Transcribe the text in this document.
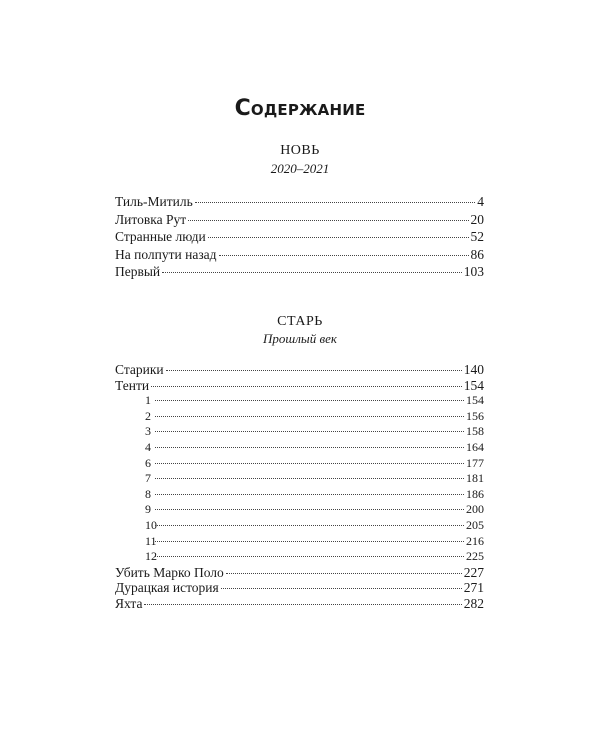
Содержание
НОВЬ
2020–2021
Тиль-Митиль	4
Литовка Рут	20
Странные люди	52
На полпути назад	86
Первый	103
СТАРЬ
Прошлый век
Старики	140
Тенти	154
1	154
2	156
3	158
4	164
6	177
7	181
8	186
9	200
10	205
11	216
12	225
Убить Марко Поло	227
Дурацкая история	271
Яхта	282
